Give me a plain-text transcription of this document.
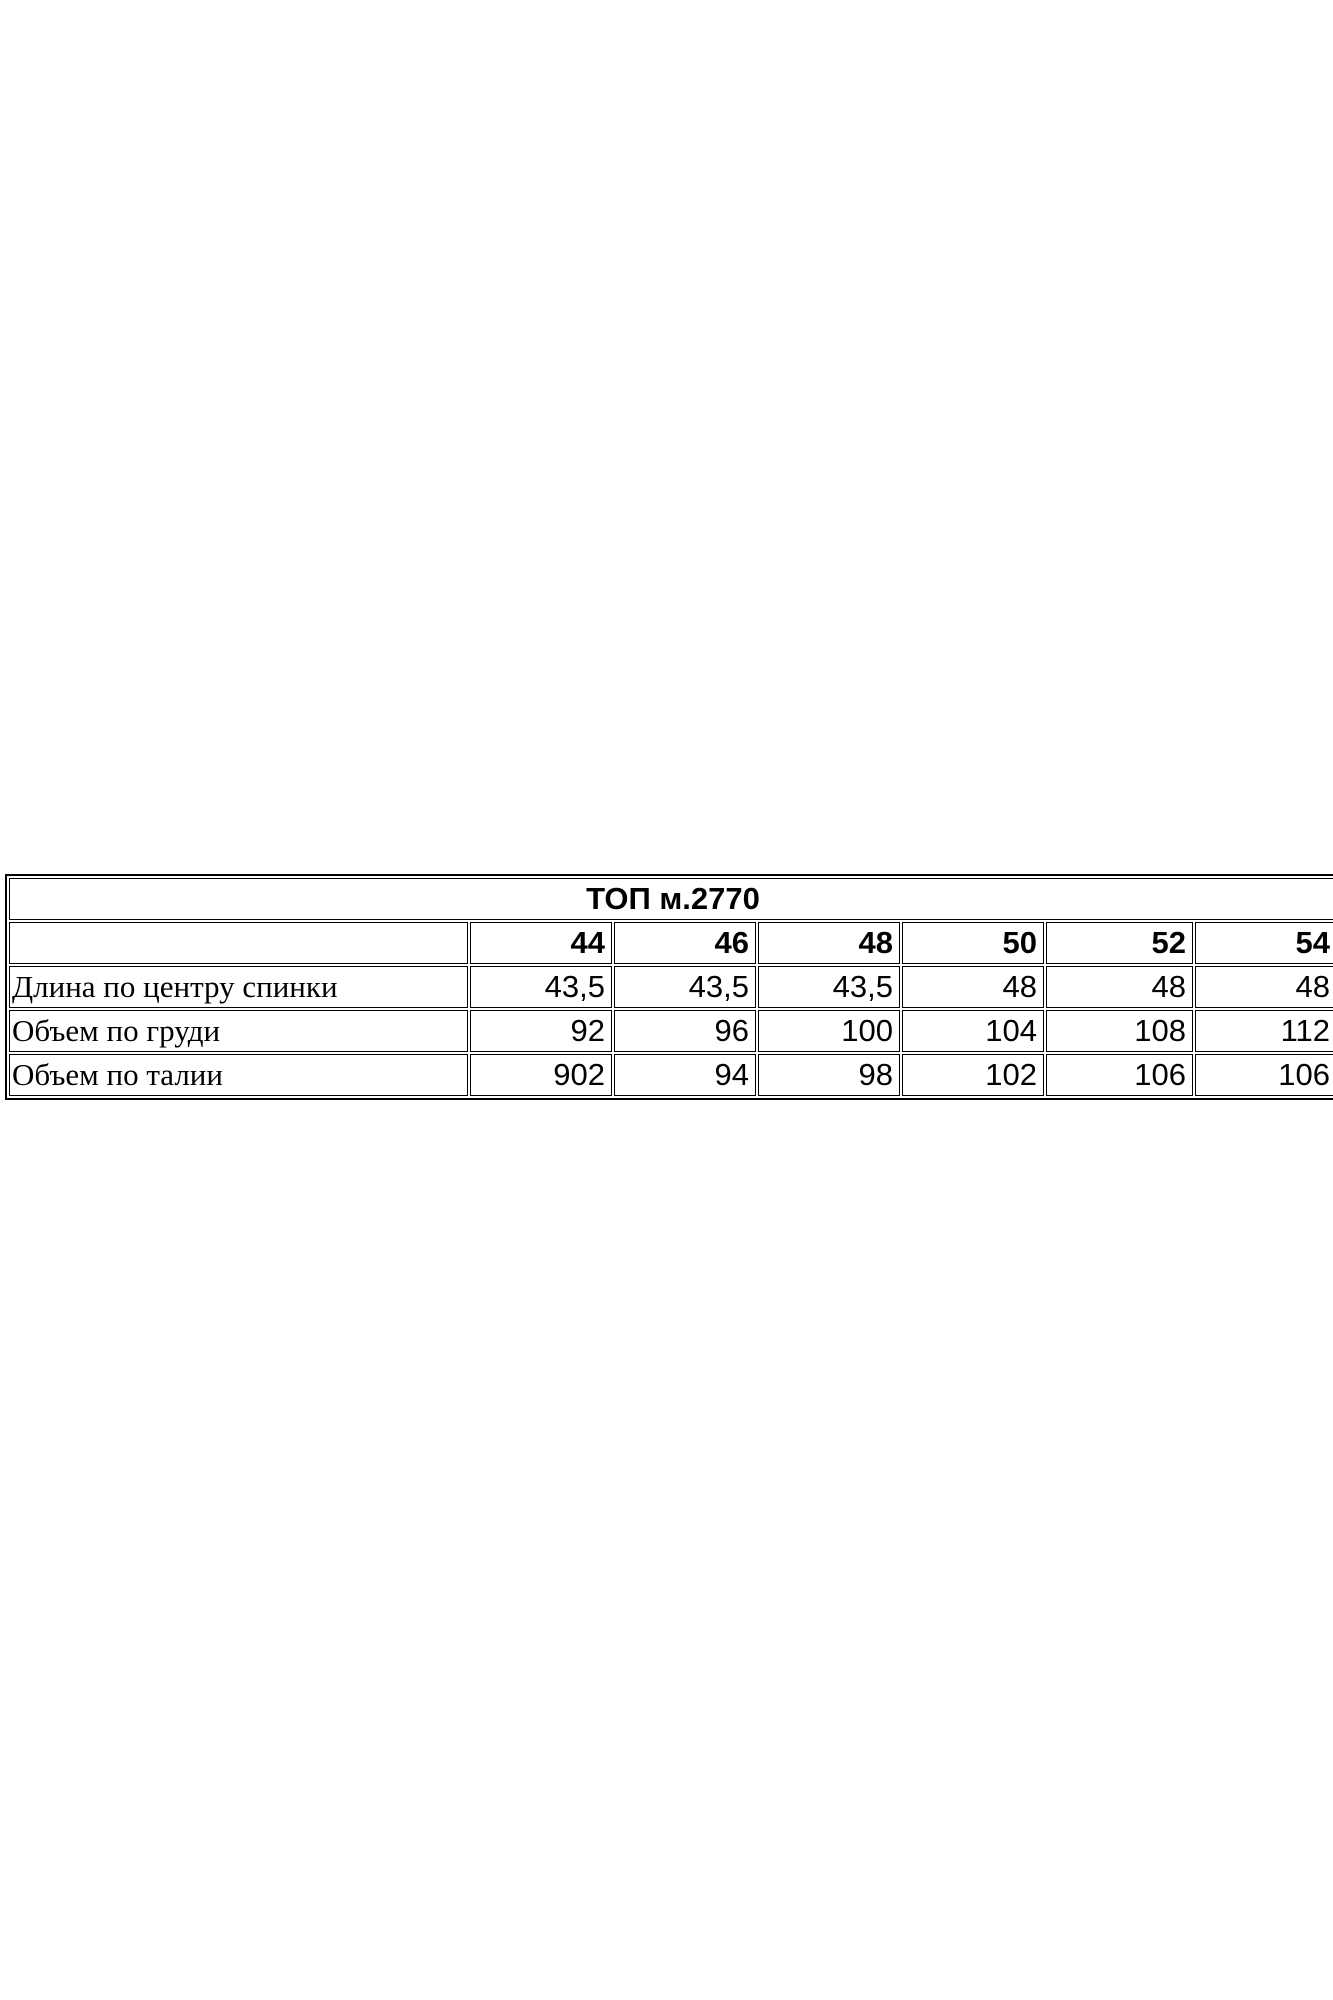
ТОП м.2770						
	44	46	48	50	52	54
Длина по центру спинки	43,5	43,5	43,5	48	48	48
Объем по груди	92	96	100	104	108	112
Объем по талии	902	94	98	102	106	106
